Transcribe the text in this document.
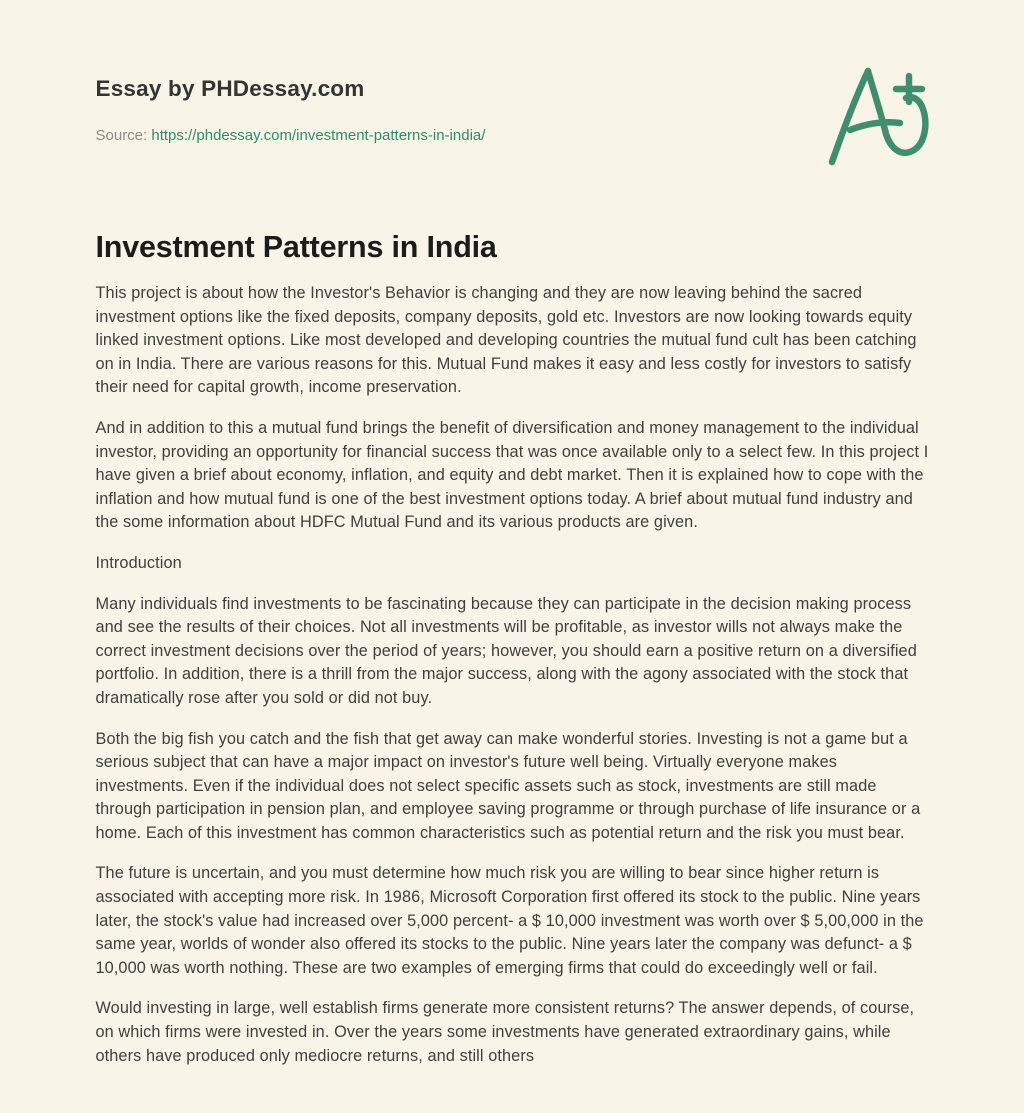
Essay by PHDessay.com

Source: https://phdessay.com/investment-patterns-in-india/

Investment Patterns in India

This project is about how the Investor's Behavior is changing and they are now leaving behind the sacred investment options like the fixed deposits, company deposits, gold etc. Investors are now looking towards equity linked investment options. Like most developed and developing countries the mutual fund cult has been catching on in India. There are various reasons for this. Mutual Fund makes it easy and less costly for investors to satisfy their need for capital growth, income preservation.

And in addition to this a mutual fund brings the benefit of diversification and money management to the individual investor, providing an opportunity for financial success that was once available only to a select few. In this project I have given a brief about economy, inflation, and equity and debt market. Then it is explained how to cope with the inflation and how mutual fund is one of the best investment options today. A brief about mutual fund industry and the some information about HDFC Mutual Fund and its various products are given.

Introduction

Many individuals find investments to be fascinating because they can participate in the decision making process and see the results of their choices. Not all investments will be profitable, as investor wills not always make the correct investment decisions over the period of years; however, you should earn a positive return on a diversified portfolio. In addition, there is a thrill from the major success, along with the agony associated with the stock that dramatically rose after you sold or did not buy.

Both the big fish you catch and the fish that get away can make wonderful stories. Investing is not a game but a serious subject that can have a major impact on investor's future well being. Virtually everyone makes investments. Even if the individual does not select specific assets such as stock, investments are still made through participation in pension plan, and employee saving programme or through purchase of life insurance or a home. Each of this investment has common characteristics such as potential return and the risk you must bear.

The future is uncertain, and you must determine how much risk you are willing to bear since higher return is associated with accepting more risk. In 1986, Microsoft Corporation first offered its stock to the public. Nine years later, the stock's value had increased over 5,000 percent- a $ 10,000 investment was worth over $ 5,00,000 in the same year, worlds of wonder also offered its stocks to the public. Nine years later the company was defunct- a $ 10,000 was worth nothing. These are two examples of emerging firms that could do exceedingly well or fail.

Would investing in large, well establish firms generate more consistent returns? The answer depends, of course, on which firms were invested in. Over the years some investments have generated extraordinary gains, while others have produced only mediocre returns, and still others
